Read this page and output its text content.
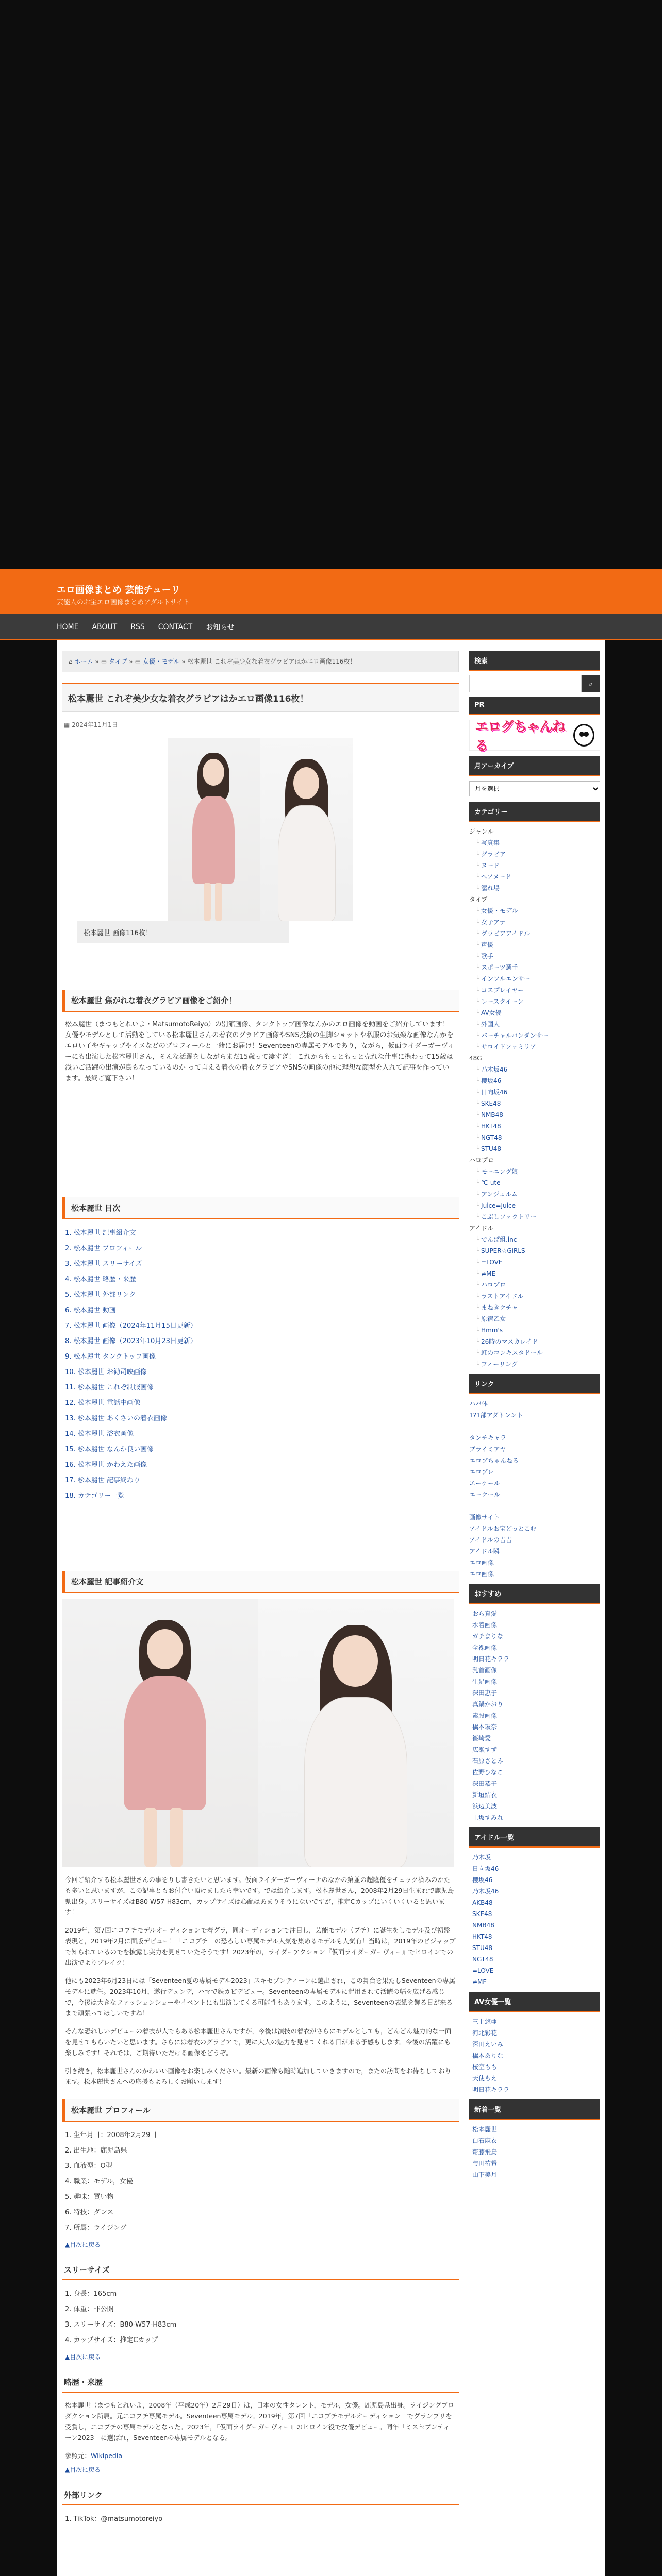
エロ画像まとめ 芸能チューリ
芸能人のお宝エロ画像まとめアダルトサイト
HOME ABOUT RSS CONTACT お知らせ
⌂ ホーム » ▭ タイプ » ▭ 女優・モデル » 松本麗世 これぞ美少女な着衣グラビアはかエロ画像116枚！
松本麗世 これぞ美少女な着衣グラビアはかエロ画像116枚！
▦ 2024年11月1日
松本麗世 画像116枚！
松本麗世 焦がれな着衣グラビア画像をご紹介！

松本麗世（まつもとれいよ・MatsumotoReiyo）の別館画像、タンクトップ画像なんかのエロ画像を動画をご紹介しています！女優やモデルとして活動をしている松本麗世さんの着衣のグラビア画像やSNS投稿の生脚ショットや私服のお気楽な画像なんかをエロい子やギャップやイメなどのプロフィールと一緒にお届け！Seventeenの専属モデルであり，ながら，仮面ライダーガーヴィーにも出演した松本麗世さん，そんな活躍をしながらまだ15歳って凄すぎ！ これからもっともっと売れな仕事に携わって15歳は浅いご活躍の出演が鳥もなっているのか って言える着衣の着衣グラビアやSNSの画像の他に理想な顔型を入れて記事を作っています。最終ご覧下さい！

松本麗世 目次
1. 松本麗世 記事紹介文
2. 松本麗世 プロフィール
3. 松本麗世 スリーサイズ
4. 松本麗世 略歴・来歴
5. 松本麗世 外部リンク
6. 松本麗世 動画
7. 松本麗世 画像（2024年11月15日更新）
8. 松本麗世 画像（2023年10月23日更新）
9. 松本麗世 タンクトップ画像
10. 松本麗世 お勧司映画像
11. 松本麗世 これぞ制服画像
12. 松本麗世 電話中画像
13. 松本麗世 あくさいの着衣画像
14. 松本麗世 浴衣画像
15. 松本麗世 なんか良い画像
16. 松本麗世 かわえた画像
17. 松本麗世 記事終わり
18. カテゴリー一覧
松本麗世 記事紹介文

今回ご紹介する松本麗世さんの事をりし書きたいと思います。仮面ライダーガーヴィーナのなかの第並の超隆優をチェック済みのかたも多いと思いますが，この記事ともお付合い頂けましたら幸いです。では紹介します。松本麗世さん，2008年2月29日生まれで鹿児島県出身。スリーサイズはB80-W57-H83cm，カップサイズは心配はあまりそうにないですが，推定Cカップにいくいくいると思います！

2019年，第7回ニコプチモデルオーディションで着グラ，同オーディションで注目し，芸能モデル（プチ）に誕生をしモデル及び初盤表現と，2019年2月に面版デビュー！「ニコプチ」の恐ろしい専属モデル人気を集めるモデルも人気有！当時は，2019年のビジャップで知られているのでを披露し実力を見せていたそうです！2023年の，ライダーアクション『仮面ライダーガーヴィー』でヒロインでの出演でよりブレイク！

他にも2023年6月23日には「Seventeen夏の専属モデル2023」スキセブンティーンに選出され，この舞台を果たしSeventeenの専属モデルに就任。2023年10月，遂行デュンデ，ハマで鉄カビデビュー。Seventeenの専属モデルに起用されて活躍の幅を広げる感じで，今後は大きなファッションショーやイベントにも出演してくる可能性もあります。このように，Seventeenの表紙を飾る日が来るまで頑張ってほしいですね！

そんな恐れしいデビューの着衣が人でもある松本麗世さんですが，今後は演技の着衣がさらにモデルとしても，どんどん魅力的な一面を見せてもらいたいと思います。さらには着衣のグラビアで，更に大人の魅力を見せてくれる日が来る予感もします。今後の活躍にも楽しみです！それでは，ご期待いただける画像をどうぞ。

引き続き，松本麗世さんのかわいい画像をお楽しみください。最新の画像も随時追加していきますので，またの訪問をお待ちしております。松本麗世さんへの応援もよろしくお願いします！

松本麗世 プロフィール
1. 生年月日：2008年2月29日
2. 出生地：鹿児島県
3. 血液型：O型
4. 職業：モデル，女優
5. 趣味：買い物
6. 特技：ダンス
7. 所属：ライジング
▲目次に戻る
スリーサイズ
1. 身長：165cm
2. 体重：非公開
3. スリーサイズ：B80-W57-H83cm
4. カップサイズ：推定Cカップ
▲目次に戻る
略歴・来歴

松本麗世（まつもとれいよ，2008年（平成20年）2月29日）は，日本の女性タレント，モデル，女優。鹿児島県出身。ライジングプロダクション所属。元ニコプチ専属モデル。Seventeen専属モデル。2019年，第7回「ニコプチモデルオーディション」でグランプリを受賞し，ニコプチの専属モデルとなった。2023年，『仮面ライダーガーヴィー』のヒロイン役で女優デビュー。同年「ミスセブンティーン2023」に選ばれ，Seventeenの専属モデルとなる。

参照元：Wikipedia

▲目次に戻る
外部リンク
1. TikTok：@matsumotoreiyo
検索
⌕
PR
エログちゃんねる
月アーカイブ
月を選択
カテゴリー
ジャンル
└ 写真集
└ グラビア
└ ヌード
└ ヘアヌード
└ 濡れ場
タイプ
└ 女優・モデル
└ 女子アナ
└ グラビアアイドル
└ 声優
└ 歌手
└ スポーツ選手
└ インフルエンサー
└ コスプレイヤー
└ レースクイーン
└ AV女優
└ 外国人
└ バーチャルバンダンサー
└ サロイドファミリア
48G
└ 乃木坂46
└ 櫻坂46
└ 日向坂46
└ SKE48
└ NMB48
└ HKT48
└ NGT48
└ STU48
ハロプロ
└ モーニング娘
└ ℃-ute
└ アンジュルム
└ Juice=Juice
└ こぶしファクトリー
アイドル
└ でんぱ組.inc
└ SUPER☆GiRLS
└ =LOVE
└ ≠ME
└ ハロプロ
└ ラストアイドル
└ まねきケチャ
└ 原宿乙女
└ Hmm's
└ 26時のマスカレイド
└ 虹のコンキスタドール
└ フィーリング
リンク
ハバ体
1?1部アダトンント
タンチキャラ
プライミアヤ
エロプちゃんねる
エロプレ
エーケール
エーケール
画像サイト
アイドルお宝どっとこむ
アイドルの吉吉
アイドル瞬
エロ画像
エロ画像
おすすめ
おら真愛
水着画像
ガチまりな
全裸画像
明日花キララ
乳首画像
生足画像
深田恵子
真鍋かおり
素股画像
橋本環奈
篠崎愛
広瀬すず
石原さとみ
佐野ひなこ
深田恭子
新垣結衣
浜辺美波
上坂すみれ
アイドル一覧
乃木坂
日向坂46
櫻坂46
乃木坂46
AKB48
SKE48
NMB48
HKT48
STU48
NGT48
=LOVE
≠ME
AV女優一覧
三上悠亜
河北彩花
深田えいみ
橋本ありな
桜空もも
天使もえ
明日花キララ
新着一覧
松本麗世
白石麻衣
齋藤飛鳥
与田祐希
山下美月
